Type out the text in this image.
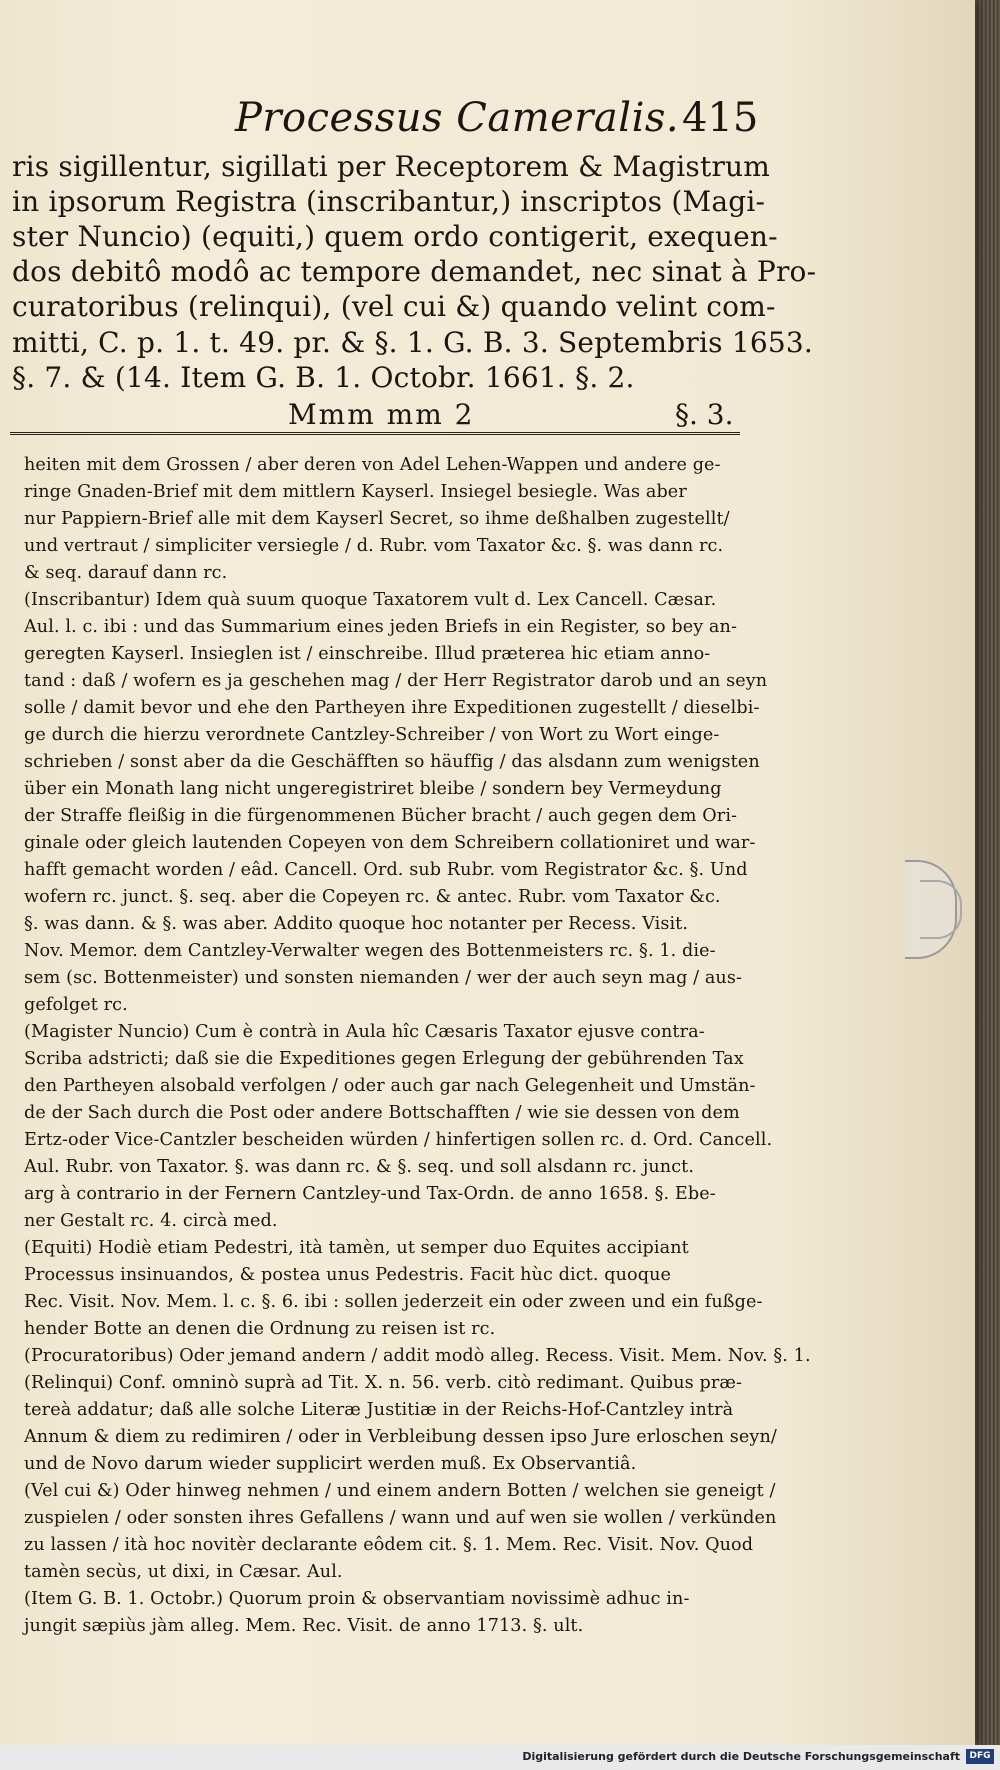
Processus Cameralis. 415
ris sigillentur, sigillati per Receptorem & Magistrum
in ipsorum Registra (inscribantur,) inscriptos (Magi-
ster Nuncio) (equiti,) quem ordo contigerit, exequen-
dos debitô modô ac tempore demandet, nec sinat à Pro-
curatoribus (relinqui), (vel cui &) quando velint com-
mitti, C. p. 1. t. 49. pr. & §. 1. G. B. 3. Septembris 1653.
§. 7. & (14. Item G. B. 1. Octobr. 1661. §. 2.
Mmm mm 2	§. 3.
heiten mit dem Grossen / aber deren von Adel Lehen-Wappen und andere ge-
ringe Gnaden-Brief mit dem mittlern Kayserl. Insiegel besiegle. Was aber
nur Pappiern-Brief alle mit dem Kayserl Secret, so ihme deßhalben zugestellt/
und vertraut / simpliciter versiegle / d. Rubr. vom Taxator &c. §. was dann rc.
& seq. darauf dann rc.
(Inscribantur) Idem quà suum quoque Taxatorem vult d. Lex Cancell. Cæsar.
Aul. l. c. ibi : und das Summarium eines jeden Briefs in ein Register, so bey an-
geregten Kayserl. Insieglen ist / einschreibe. Illud præterea hic etiam anno-
tand : daß / wofern es ja geschehen mag / der Herr Registrator darob und an seyn
solle / damit bevor und ehe den Partheyen ihre Expeditionen zugestellt / dieselbi-
ge durch die hierzu verordnete Cantzley-Schreiber / von Wort zu Wort einge-
schrieben / sonst aber da die Geschäfften so häuffig / das alsdann zum wenigsten
über ein Monath lang nicht ungeregistriret bleibe / sondern bey Vermeydung
der Straffe fleißig in die fürgenommenen Bücher bracht / auch gegen dem Ori-
ginale oder gleich lautenden Copeyen von dem Schreibern collationiret und war-
hafft gemacht worden / eâd. Cancell. Ord. sub Rubr. vom Registrator &c. §. Und
wofern rc. junct. §. seq. aber die Copeyen rc. & antec. Rubr. vom Taxator &c.
§. was dann. & §. was aber. Addito quoque hoc notanter per Recess. Visit.
Nov. Memor. dem Cantzley-Verwalter wegen des Bottenmeisters rc. §. 1. die-
sem (sc. Bottenmeister) und sonsten niemanden / wer der auch seyn mag / aus-
gefolget rc.
(Magister Nuncio) Cum è contrà in Aula hîc Cæsaris Taxator ejusve contra-
Scriba adstricti; daß sie die Expeditiones gegen Erlegung der gebührenden Tax
den Partheyen alsobald verfolgen / oder auch gar nach Gelegenheit und Umstän-
de der Sach durch die Post oder andere Bottschafften / wie sie dessen von dem
Ertz-oder Vice-Cantzler bescheiden würden / hinfertigen sollen rc. d. Ord. Cancell.
Aul. Rubr. von Taxator. §. was dann rc. & §. seq. und soll alsdann rc. junct.
arg à contrario in der Fernern Cantzley-und Tax-Ordn. de anno 1658. §. Ebe-
ner Gestalt rc. 4. circà med.
(Equiti) Hodiè etiam Pedestri, ità tamèn, ut semper duo Equites accipiant
Processus insinuandos, & postea unus Pedestris. Facit hùc dict. quoque
Rec. Visit. Nov. Mem. l. c. §. 6. ibi : sollen jederzeit ein oder zween und ein fußge-
hender Botte an denen die Ordnung zu reisen ist rc.
(Procuratoribus) Oder jemand andern / addit modò alleg. Recess. Visit. Mem. Nov. §. 1.
(Relinqui) Conf. omninò suprà ad Tit. X. n. 56. verb. citò redimant. Quibus præ-
tereà addatur; daß alle solche Literæ Justitiæ in der Reichs-Hof-Cantzley intrà
Annum & diem zu redimiren / oder in Verbleibung dessen ipso Jure erloschen seyn/
und de Novo darum wieder supplicirt werden muß. Ex Observantiâ.
(Vel cui &) Oder hinweg nehmen / und einem andern Botten / welchen sie geneigt /
zuspielen / oder sonsten ihres Gefallens / wann und auf wen sie wollen / verkünden
zu lassen / ità hoc novitèr declarante eôdem cit. §. 1. Mem. Rec. Visit. Nov. Quod
tamèn secùs, ut dixi, in Cæsar. Aul.
(Item G. B. 1. Octobr.) Quorum proin & observantiam novissimè adhuc in-
jungit sæpiùs jàm alleg. Mem. Rec. Visit. de anno 1713. §. ult.
Digitalisierung gefördert durch die Deutsche Forschungsgemeinschaft	DFG
